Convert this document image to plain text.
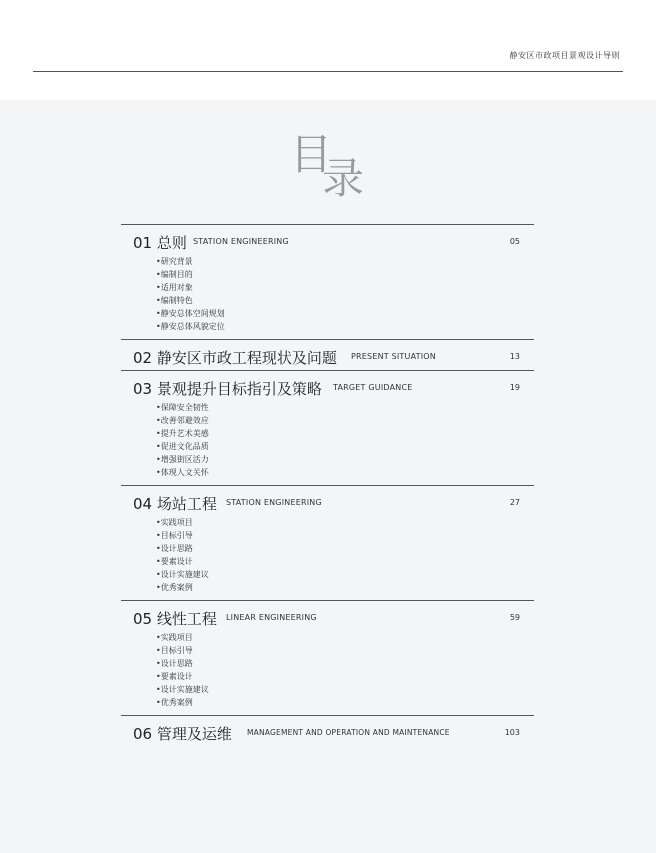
静安区市政项目景观设计导则
目
录
01 总则 STATION ENGINEERING	05
•研究背景
•编制目的
•适用对象
•编制特色
•静安总体空间规划
•静安总体风貌定位
02 静安区市政工程现状及问题 PRESENT SITUATION	13
03 景观提升目标指引及策略 TARGET GUIDANCE	19
•保障安全韧性
•改善邻避效应
•提升艺术美感
•促进文化品质
•增强街区活力
•体现人文关怀
04 场站工程 STATION ENGINEERING	27
•实践项目
•目标引导
•设计思路
•要素设计
•设计实施建议
•优秀案例
05 线性工程 LINEAR ENGINEERING	59
•实践项目
•目标引导
•设计思路
•要素设计
•设计实施建议
•优秀案例
06 管理及运维 MANAGEMENT AND OPERATION AND MAINTENANCE	103
